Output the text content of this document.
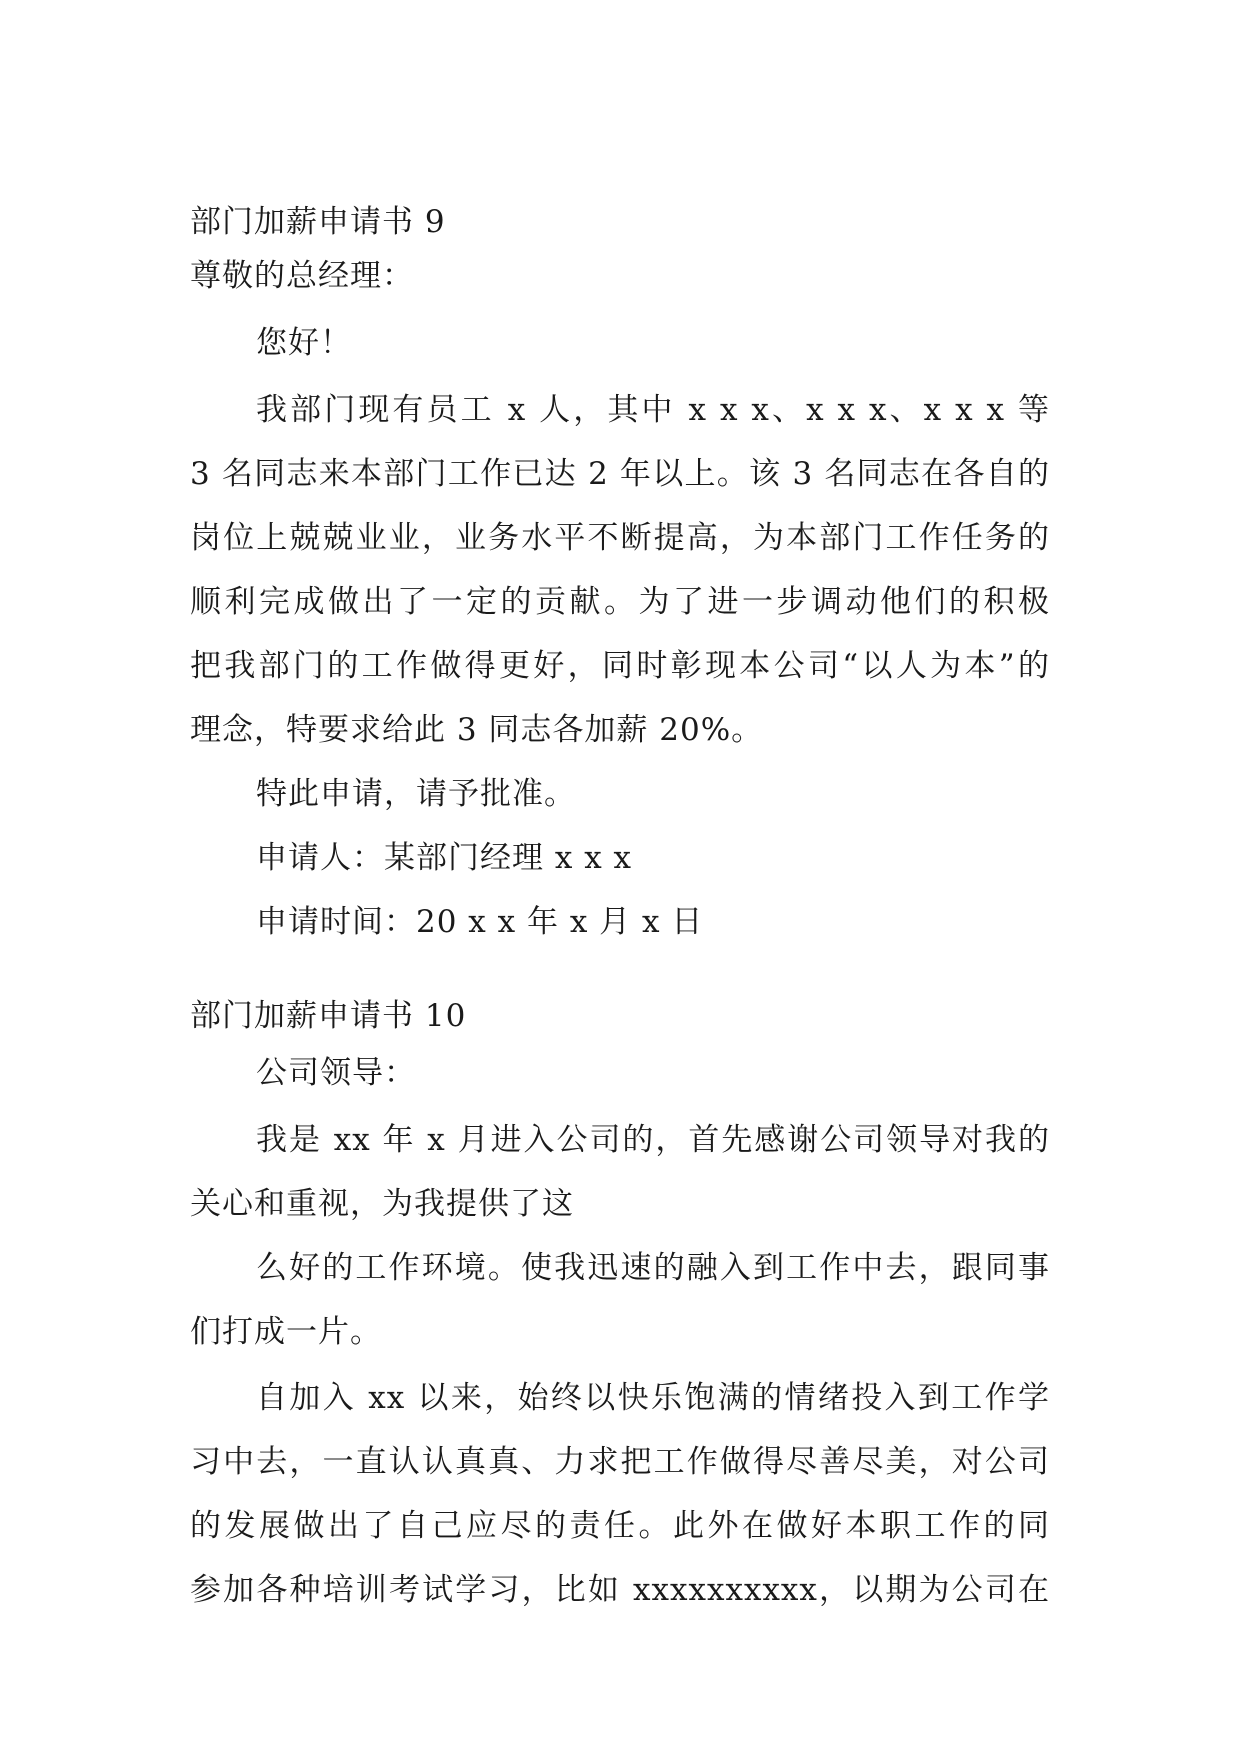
部门加薪申请书 9
尊敬的总经理：
您好！
我部门现有员工 x 人，其中 x x x、x x x、x x x 等
3 名同志来本部门工作已达 2 年以上。该 3 名同志在各自的
岗位上兢兢业业，业务水平不断提高，为本部门工作任务的
顺利完成做出了一定的贡献。为了进一步调动他们的积极
把我部门的工作做得更好，同时彰现本公司“以人为本”的
理念，特要求给此 3 同志各加薪 20%。
特此申请，请予批准。
申请人：某部门经理 x x x
申请时间：20 x x 年 x 月 x 日
部门加薪申请书 10
公司领导：
我是 xx 年 x 月进入公司的，首先感谢公司领导对我的
关心和重视，为我提供了这
么好的工作环境。使我迅速的融入到工作中去，跟同事
们打成一片。
自加入 xx 以来，始终以快乐饱满的情绪投入到工作学
习中去，一直认认真真、力求把工作做得尽善尽美，对公司
的发展做出了自己应尽的责任。此外在做好本职工作的同
参加各种培训考试学习，比如 xxxxxxxxxx，以期为公司在
